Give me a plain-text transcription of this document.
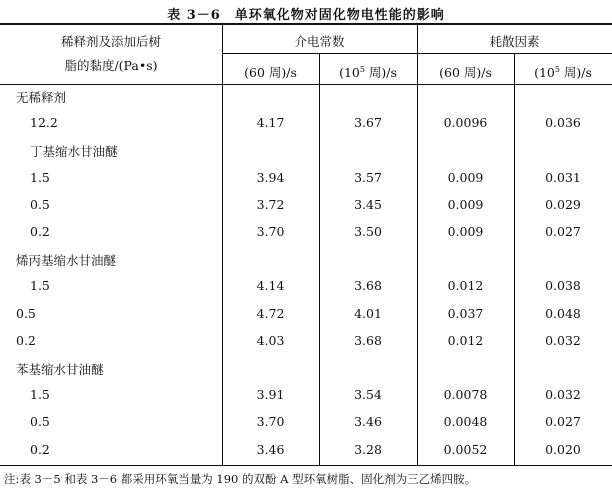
表 3－6　单环氧化物对固化物电性能的影响
稀释剂及添加后树
脂的黏度/(Pa•s)
介电常数	耗散因素
(60 周)/s	($10^5$ 周)/s	(60 周)/s	($10^5$ 周)/s
无稀释剂
12.2	4.17	3.67	0.0096	0.036
丁基缩水甘油醚
1.5	3.94	3.57	0.009	0.031
0.5	3.72	3.45	0.009	0.029
0.2	3.70	3.50	0.009	0.027
烯丙基缩水甘油醚
1.5	4.14	3.68	0.012	0.038
0.5	4.72	4.01	0.037	0.048
0.2	4.03	3.68	0.012	0.032
苯基缩水甘油醚
1.5	3.91	3.54	0.0078	0.032
0.5	3.70	3.46	0.0048	0.027
0.2	3.46	3.28	0.0052	0.020
注:表 3－5 和表 3－6 都采用环氧当量为 190 的双酚 A 型环氧树脂、固化剂为三乙烯四胺。
